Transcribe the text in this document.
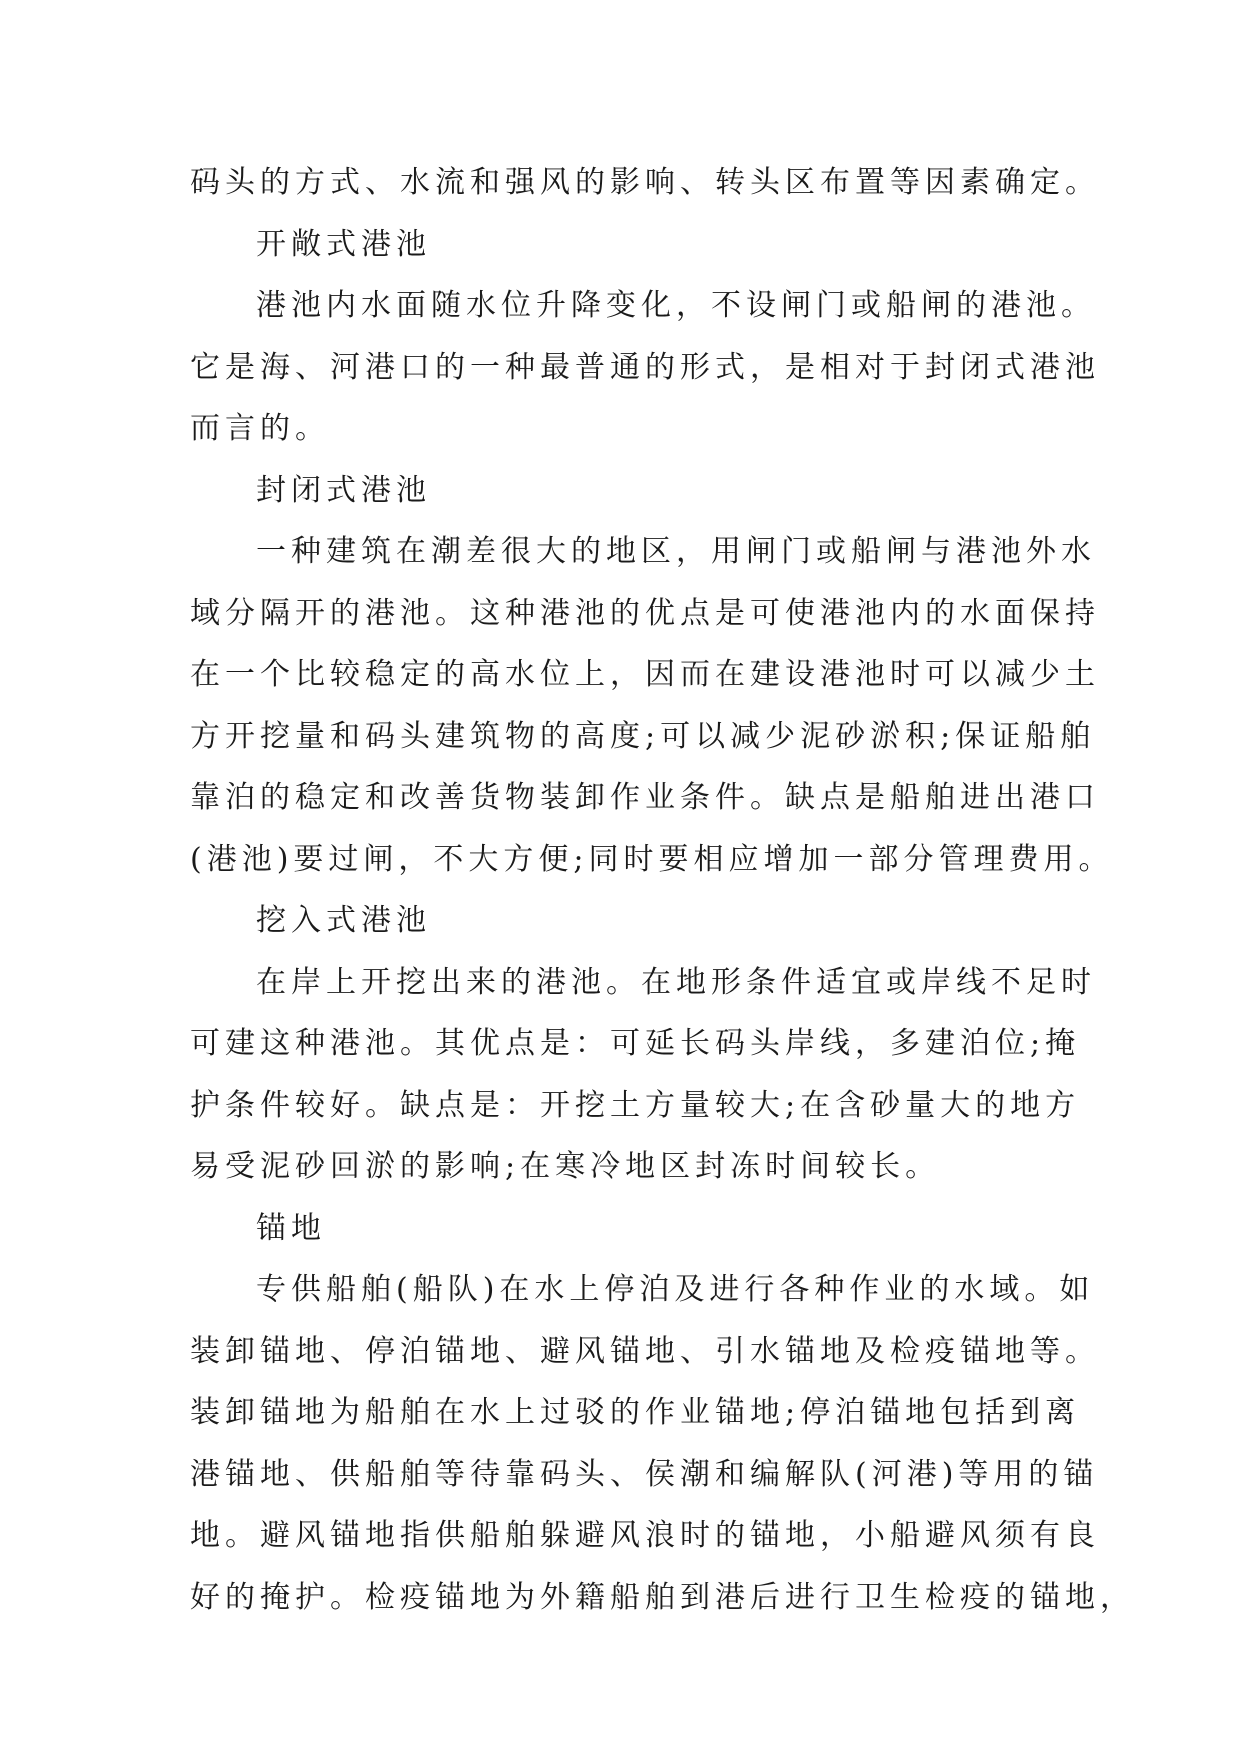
码头的方式、水流和强风的影响、转头区布置等因素确定。
开敞式港池
港池内水面随水位升降变化，不设闸门或船闸的港池。
它是海、河港口的一种最普通的形式，是相对于封闭式港池
而言的。
封闭式港池
一种建筑在潮差很大的地区，用闸门或船闸与港池外水
域分隔开的港池。这种港池的优点是可使港池内的水面保持
在一个比较稳定的高水位上，因而在建设港池时可以减少土
方开挖量和码头建筑物的高度;可以减少泥砂淤积;保证船舶
靠泊的稳定和改善货物装卸作业条件。缺点是船舶进出港口
(港池)要过闸，不大方便;同时要相应增加一部分管理费用。
挖入式港池
在岸上开挖出来的港池。在地形条件适宜或岸线不足时
可建这种港池。其优点是：可延长码头岸线，多建泊位;掩
护条件较好。缺点是：开挖土方量较大;在含砂量大的地方
易受泥砂回淤的影响;在寒冷地区封冻时间较长。
锚地
专供船舶(船队)在水上停泊及进行各种作业的水域。如
装卸锚地、停泊锚地、避风锚地、引水锚地及检疫锚地等。
装卸锚地为船舶在水上过驳的作业锚地;停泊锚地包括到离
港锚地、供船舶等待靠码头、侯潮和编解队(河港)等用的锚
地。避风锚地指供船舶躲避风浪时的锚地，小船避风须有良
好的掩护。检疫锚地为外籍船舶到港后进行卫生检疫的锚地，
